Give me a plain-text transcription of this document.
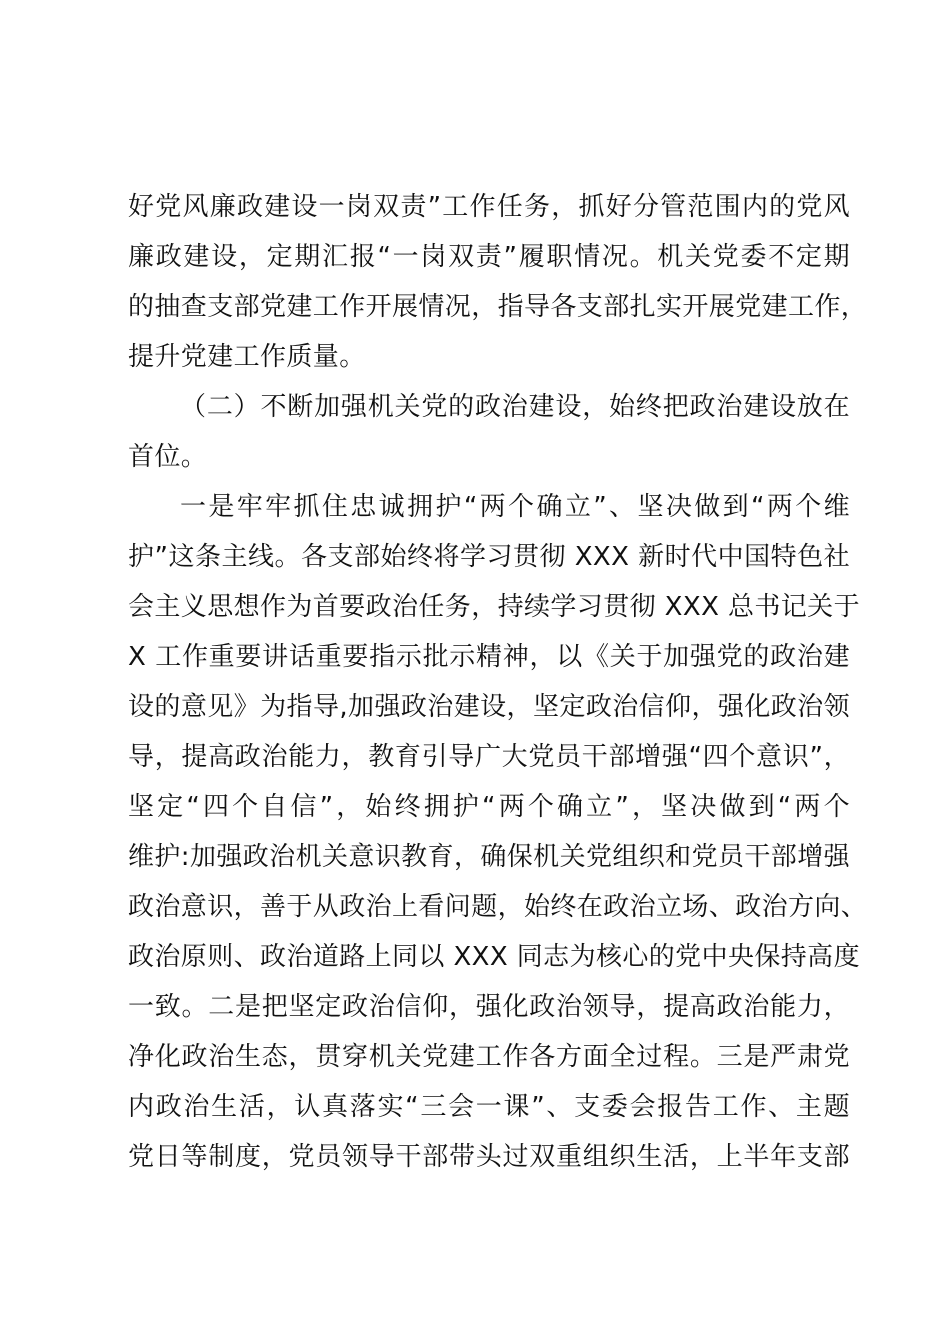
好党风廉政建设一岗双责”工作任务，抓好分管范围内的党风
廉政建设，定期汇报“一岗双责”履职情况。机关党委不定期
的抽查支部党建工作开展情况，指导各支部扎实开展党建工作，
提升党建工作质量。
（二）不断加强机关党的政治建设，始终把政治建设放在
首位。
一是牢牢抓住忠诚拥护“两个确立”、坚决做到“两个维
护”这条主线。各支部始终将学习贯彻 XXX 新时代中国特色社
会主义思想作为首要政治任务，持续学习贯彻 XXX 总书记关于
X 工作重要讲话重要指示批示精神，以《关于加强党的政治建
设的意见》为指导,加强政治建设，坚定政治信仰，强化政治领
导，提高政治能力，教育引导广大党员干部增强“四个意识”，
坚定“四个自信”，始终拥护“两个确立”，坚决做到“两个
维护:加强政治机关意识教育，确保机关党组织和党员干部增强
政治意识，善于从政治上看问题，始终在政治立场、政治方向、
政治原则、政治道路上同以 XXX 同志为核心的党中央保持高度
一致。二是把坚定政治信仰，强化政治领导，提高政治能力，
净化政治生态，贯穿机关党建工作各方面全过程。三是严肃党
内政治生活，认真落实“三会一课”、支委会报告工作、主题
党日等制度，党员领导干部带头过双重组织生活，上半年支部
